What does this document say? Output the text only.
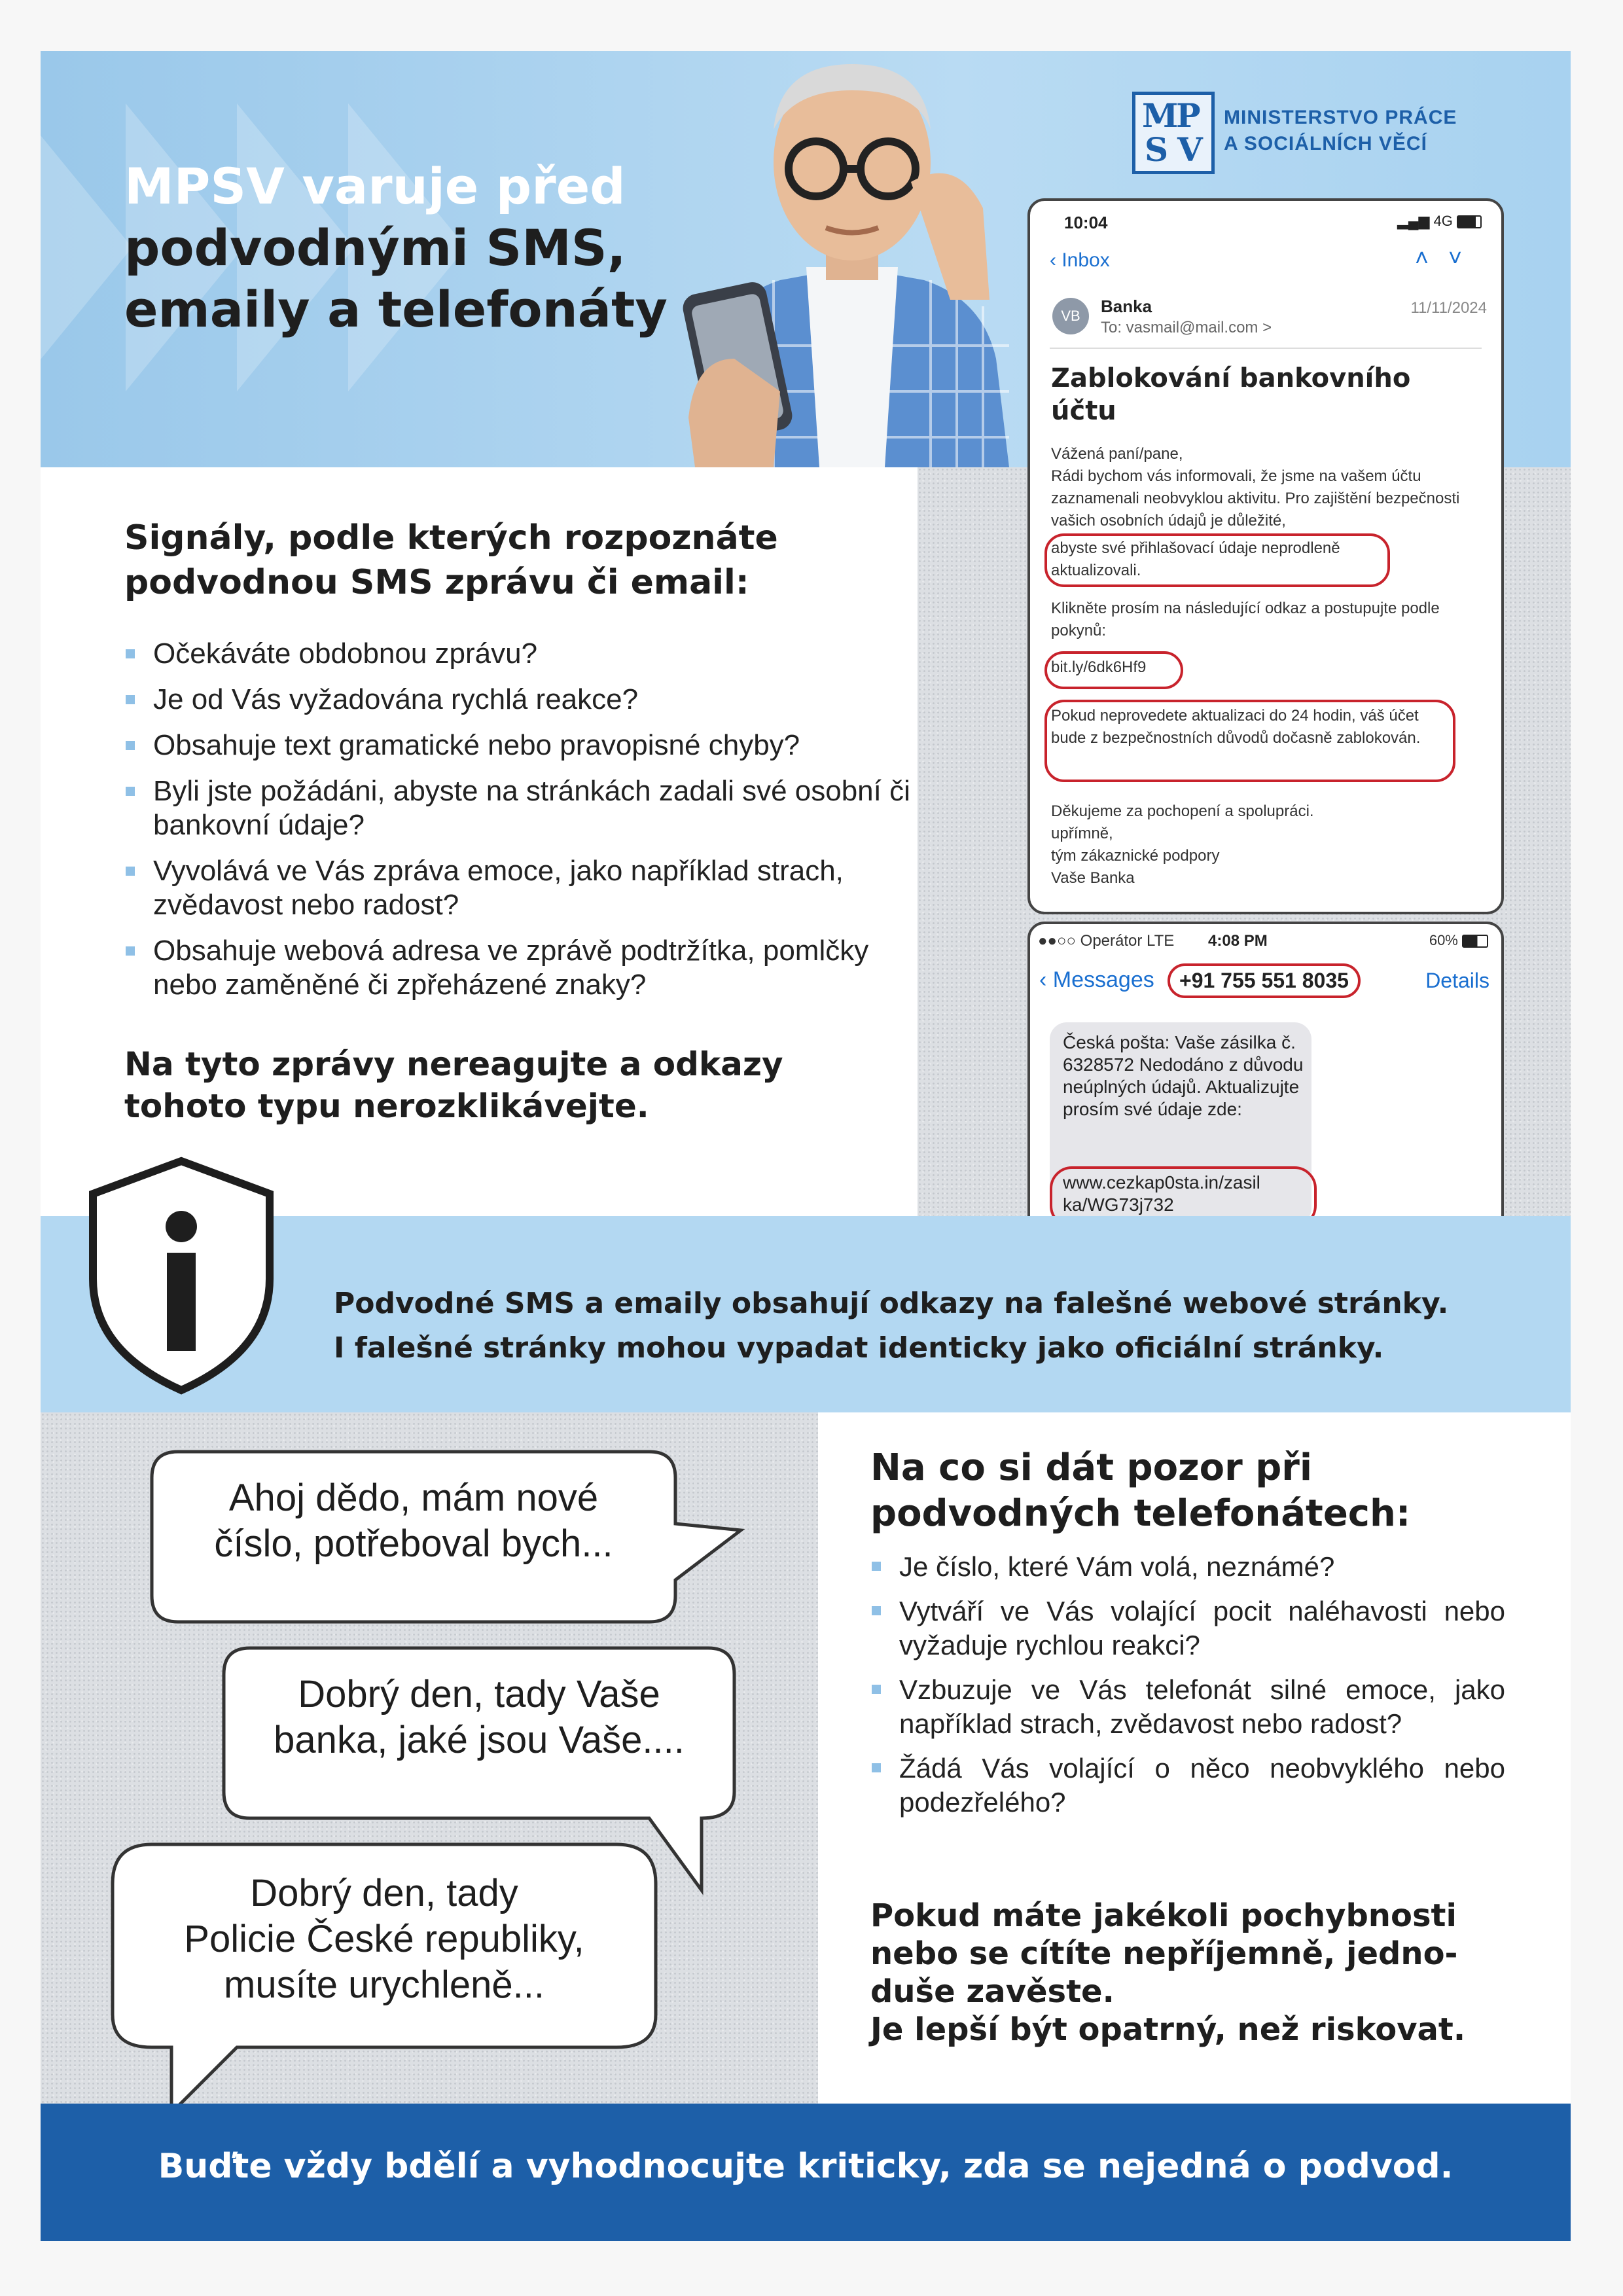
MPSV varuje před
podvodnými SMS,
emaily a telefonáty
M
P
S V
MINISTERSTVO PRÁCE
A SOCIÁLNÍCH VĚCÍ
10:04	▂▄▆ 4G
‹ Inbox	˄˅
VB	Banka
To: vasmail@mail.com >
11/11/2024
Zablokování bankovního účtu
Vážená paní/pane,
Rádi bychom vás informovali, že jsme na vašem účtu zaznamenali neobvyklou aktivitu. Pro zajištění bezpečnosti vašich osobních údajů je důležité,
abyste své přihlašovací údaje neprodleně aktualizovali.
Klikněte prosím na následující odkaz a postupujte podle pokynů:
bit.ly/6dk6Hf9
Pokud neprovedete aktualizaci do 24 hodin, váš účet bude z bezpečnostních důvodů dočasně zablokován.
Děkujeme za pochopení a spolupráci.
upřímně,
tým zákaznické podpory
Vaše Banka
●●○○ Operátor LTE 4:08 PM	60%
‹ Messages	+91 755 551 8035	Details
Česká pošta: Vaše zásilka č. 6328572 Nedodáno z důvodu neúplných údajů. Aktualizujte prosím své údaje zde:
www.cezkap0sta.in/zasil
ka/WG73j732
Signály, podle kterých rozpoznáte
podvodnou SMS zprávu či email:
Očekáváte obdobnou zprávu?
Je od Vás vyžadována rychlá reakce?
Obsahuje text gramatické nebo pravopisné chyby?
Byli jste požádáni, abyste na stránkách zadali své osobní či bankovní údaje?
Vyvolává ve Vás zpráva emoce, jako například strach, zvědavost nebo radost?
Obsahuje webová adresa ve zprávě podtržítka, pomlčky nebo zaměněné či zpřeházené znaky?
Na tyto zprávy nereagujte a odkazy
tohoto typu nerozklikávejte.

Podvodné SMS a emaily obsahují odkazy na falešné webové stránky.
I falešné stránky mohou vypadat identicky jako oficiální stránky.

Ahoj dědo, mám nové
číslo, potřeboval bych...
Dobrý den, tady Vaše
banka, jaké jsou Vaše....
Dobrý den, tady
Policie České republiky,
musíte urychleně...
Na co si dát pozor při
podvodných telefonátech:
Je číslo, které Vám volá, neznámé?
Vytváří ve Vás volající pocit naléhavosti nebo vyžaduje rychlou reakci?
Vzbuzuje ve Vás telefonát silné emoce, jako například strach, zvědavost nebo radost?
Žádá Vás volající o něco neobvyklého nebo podezřelého?

Pokud máte jakékoli pochybnosti
nebo se cítíte nepříjemně, jedno-
duše zavěste.
Je lepší být opatrný, než riskovat.

Buďte vždy bdělí a vyhodnocujte kriticky, zda se nejedná o podvod.
